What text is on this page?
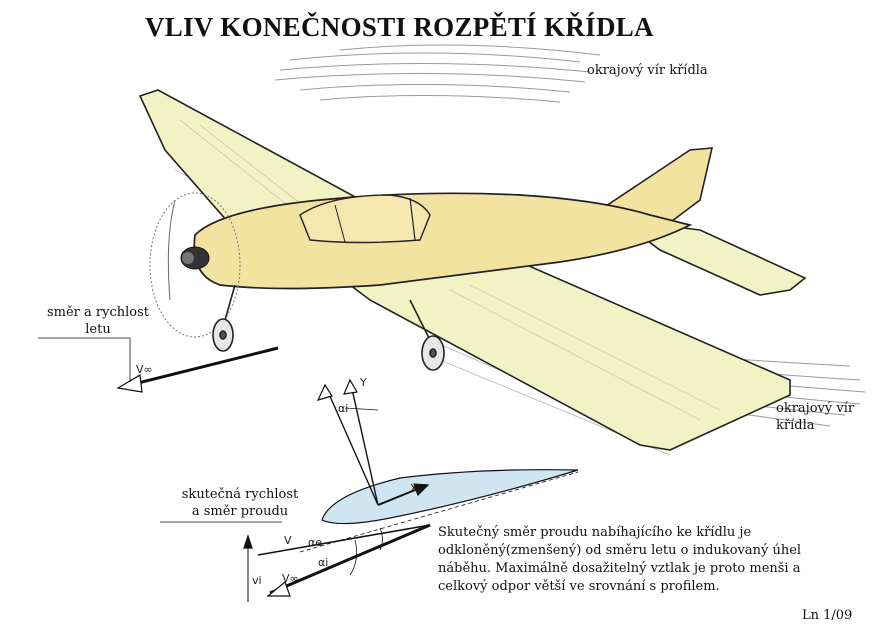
VLIV KONEČNOSTI ROZPĚTÍ KŘÍDLA
V∞
Y
αi
Xi
V αe
αi
vi V∞
okrajový vír křídla
okrajový vír
křídla
směr a rychlost
letu
skutečná rychlost
a směr proudu
Skutečný směr proudu nabíhajícího ke křídlu je odkloněný(zmenšený) od směru letu o indukovaný úhel náběhu. Maximálně dosažitelný vztlak je proto menši a celkový odpor větší ve srovnání s profilem.
Ln 1/09
